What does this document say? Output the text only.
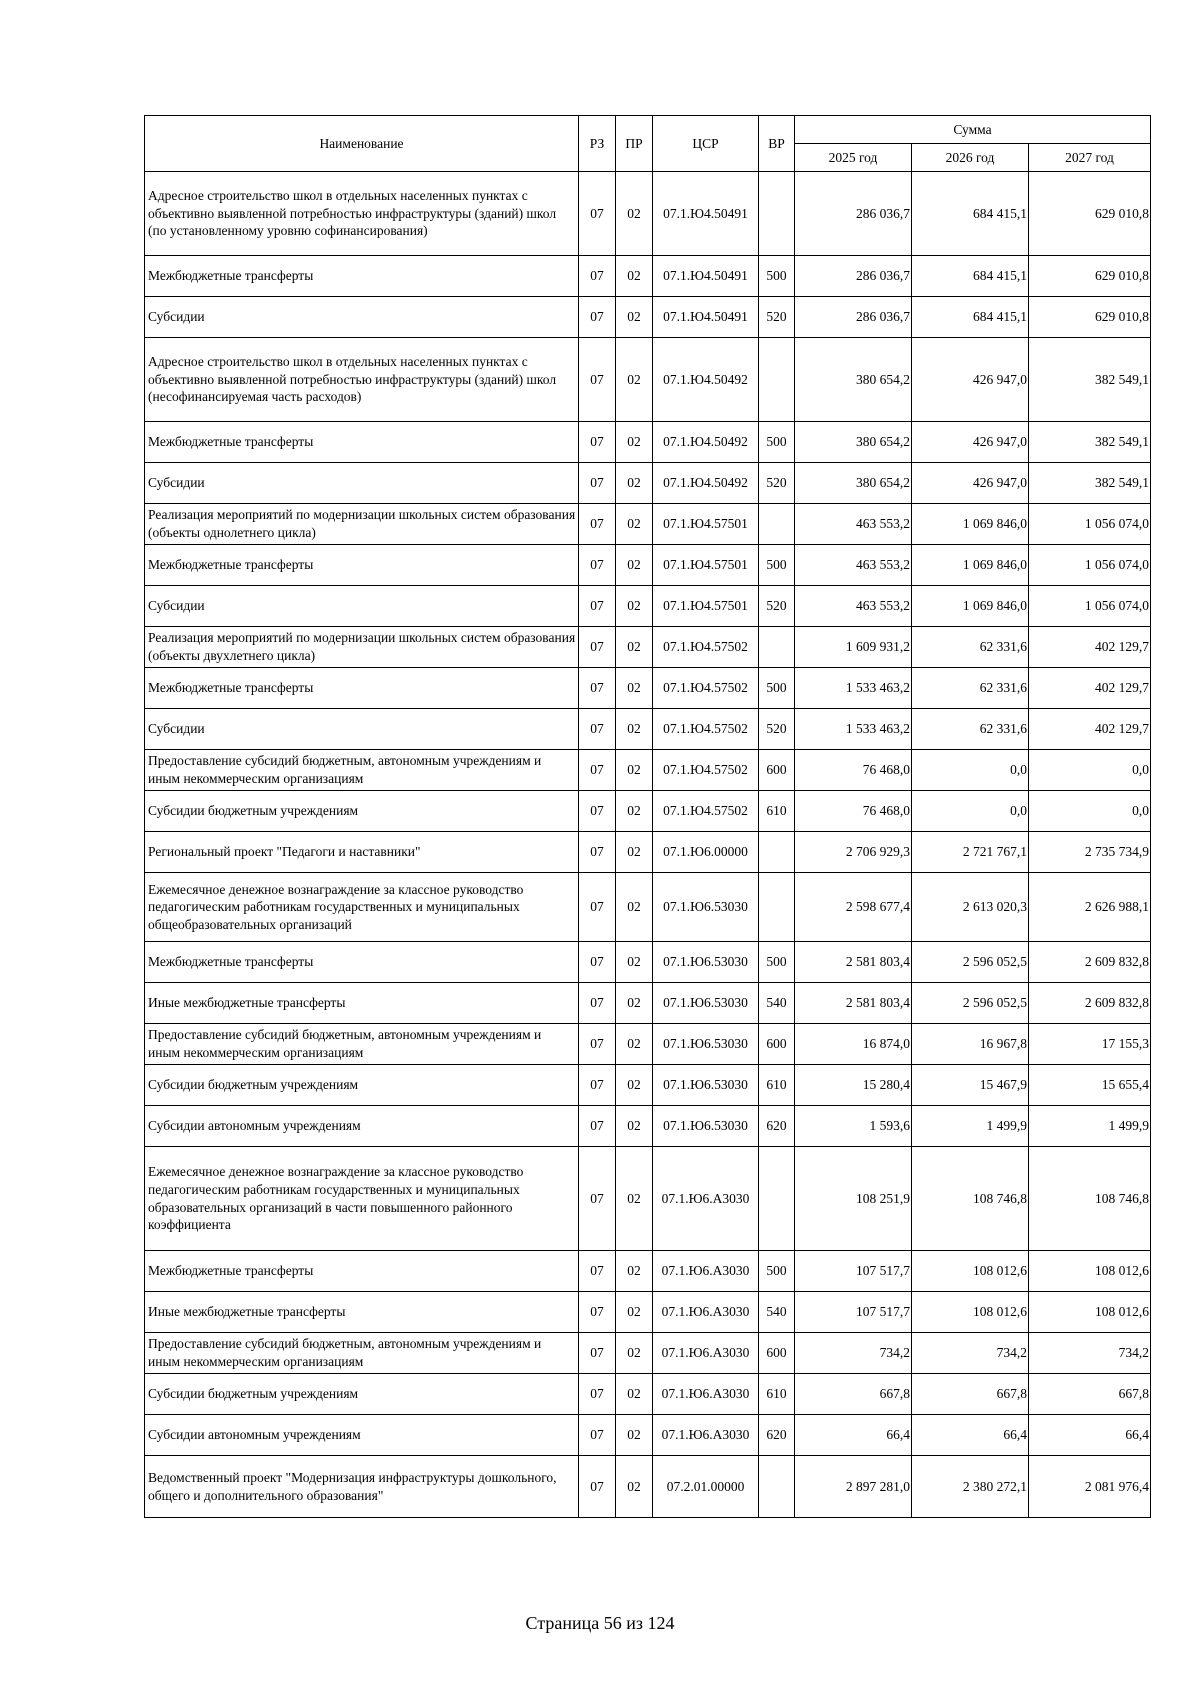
Наименование	РЗ	ПР	ЦСР	ВР	Сумма		
					2025 год	2026 год	2027 год
Адресное строительство школ в отдельных населенных пунктах с объективно выявленной потребностью инфраструктуры (зданий) школ (по установленному уровню софинансирования)	07	02	07.1.Ю4.50491		286 036,7	684 415,1	629 010,8
Межбюджетные трансферты	07	02	07.1.Ю4.50491	500	286 036,7	684 415,1	629 010,8
Субсидии	07	02	07.1.Ю4.50491	520	286 036,7	684 415,1	629 010,8
Адресное строительство школ в отдельных населенных пунктах с объективно выявленной потребностью инфраструктуры (зданий) школ (несофинансируемая часть расходов)	07	02	07.1.Ю4.50492		380 654,2	426 947,0	382 549,1
Межбюджетные трансферты	07	02	07.1.Ю4.50492	500	380 654,2	426 947,0	382 549,1
Субсидии	07	02	07.1.Ю4.50492	520	380 654,2	426 947,0	382 549,1
Реализация мероприятий по модернизации школьных систем образования (объекты однолетнего цикла)	07	02	07.1.Ю4.57501		463 553,2	1 069 846,0	1 056 074,0
Межбюджетные трансферты	07	02	07.1.Ю4.57501	500	463 553,2	1 069 846,0	1 056 074,0
Субсидии	07	02	07.1.Ю4.57501	520	463 553,2	1 069 846,0	1 056 074,0
Реализация мероприятий по модернизации школьных систем образования (объекты двухлетнего цикла)	07	02	07.1.Ю4.57502		1 609 931,2	62 331,6	402 129,7
Межбюджетные трансферты	07	02	07.1.Ю4.57502	500	1 533 463,2	62 331,6	402 129,7
Субсидии	07	02	07.1.Ю4.57502	520	1 533 463,2	62 331,6	402 129,7
Предоставление субсидий бюджетным, автономным учреждениям и иным некоммерческим организациям	07	02	07.1.Ю4.57502	600	76 468,0	0,0	0,0
Субсидии бюджетным учреждениям	07	02	07.1.Ю4.57502	610	76 468,0	0,0	0,0
Региональный проект "Педагоги и наставники"	07	02	07.1.Ю6.00000		2 706 929,3	2 721 767,1	2 735 734,9
Ежемесячное денежное вознаграждение за классное руководство педагогическим работникам государственных и муниципальных общеобразовательных организаций	07	02	07.1.Ю6.53030		2 598 677,4	2 613 020,3	2 626 988,1
Межбюджетные трансферты	07	02	07.1.Ю6.53030	500	2 581 803,4	2 596 052,5	2 609 832,8
Иные межбюджетные трансферты	07	02	07.1.Ю6.53030	540	2 581 803,4	2 596 052,5	2 609 832,8
Предоставление субсидий бюджетным, автономным учреждениям и иным некоммерческим организациям	07	02	07.1.Ю6.53030	600	16 874,0	16 967,8	17 155,3
Субсидии бюджетным учреждениям	07	02	07.1.Ю6.53030	610	15 280,4	15 467,9	15 655,4
Субсидии автономным учреждениям	07	02	07.1.Ю6.53030	620	1 593,6	1 499,9	1 499,9
Ежемесячное денежное вознаграждение за классное руководство педагогическим работникам государственных и муниципальных образовательных организаций в части повышенного районного коэффициента	07	02	07.1.Ю6.А3030		108 251,9	108 746,8	108 746,8
Межбюджетные трансферты	07	02	07.1.Ю6.А3030	500	107 517,7	108 012,6	108 012,6
Иные межбюджетные трансферты	07	02	07.1.Ю6.А3030	540	107 517,7	108 012,6	108 012,6
Предоставление субсидий бюджетным, автономным учреждениям и иным некоммерческим организациям	07	02	07.1.Ю6.А3030	600	734,2	734,2	734,2
Субсидии бюджетным учреждениям	07	02	07.1.Ю6.А3030	610	667,8	667,8	667,8
Субсидии автономным учреждениям	07	02	07.1.Ю6.А3030	620	66,4	66,4	66,4
Ведомственный проект "Модернизация инфраструктуры дошкольного, общего и дополнительного образования"	07	02	07.2.01.00000		2 897 281,0	2 380 272,1	2 081 976,4
Страница 56 из 124
